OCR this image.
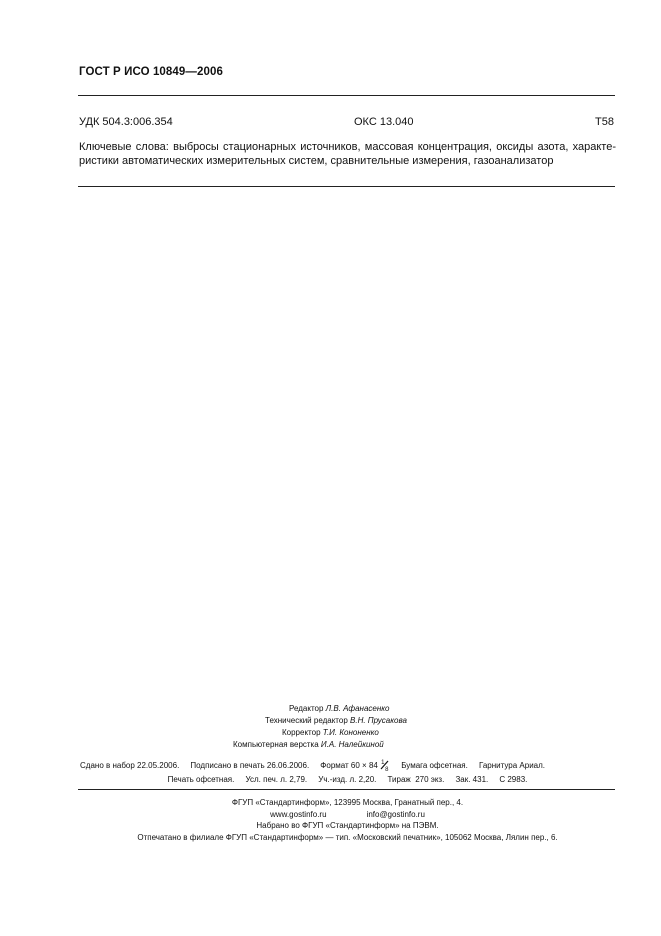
ГОСТ Р ИСО 10849—2006
УДК 504.3:006.354	ОКС 13.040	Т58
Ключевые слова: выбросы стационарных источников, массовая концентрация, оксиды азота, характе-
ристики автоматических измерительных систем, сравнительные измерения, газоанализатор
Редактор Л.В. Афанасенко
Технический редактор В.Н. Прусакова
Корректор Т.И. Кононенко
Компьютерная верстка И.А. Налейкиной
Сдано в набор 22.05.2006.     Подписано в печать 26.06.2006.     Формат 60 × 84 1
8 Бумага офсетная.     Гарнитура Ариал.
Печать офсетная.     Усл. печ. л. 2,79.     Уч.-изд. л. 2,20.     Тираж  270 экз.     Зак. 431.     С 2983.
ФГУП «Стандартинформ», 123995 Москва, Гранатный пер., 4.
www.gostinfo.ru                  info@gostinfo.ru
Набрано во ФГУП «Стандартинформ» на ПЭВМ.
Отпечатано в филиале ФГУП «Стандартинформ» — тип. «Московский печатник», 105062 Москва, Лялин пер., 6.
